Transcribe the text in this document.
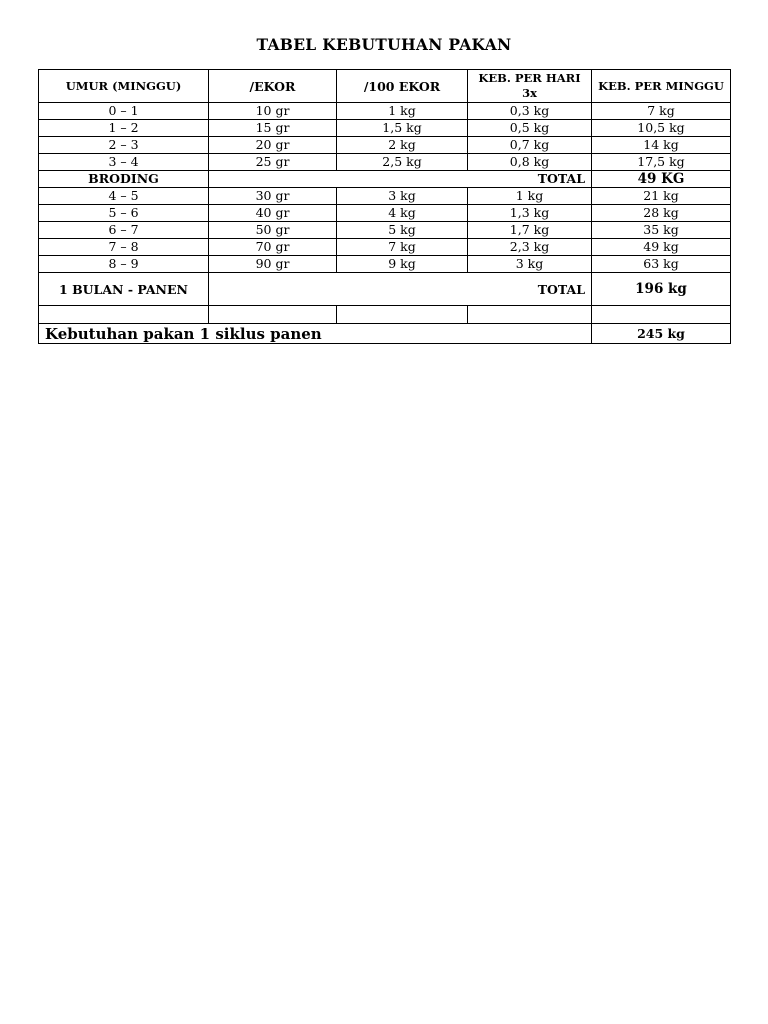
TABEL KEBUTUHAN PAKAN
UMUR (MINGGU)	/EKOR	/100 EKOR	KEB. PER HARI 3x	KEB. PER MINGGU
0 – 1	10 gr	1 kg	0,3 kg	7 kg
1 – 2	15 gr	1,5 kg	0,5 kg	10,5 kg
2 – 3	20 gr	2 kg	0,7 kg	14 kg
3 – 4	25 gr	2,5 kg	0,8 kg	17,5 kg
BRODING	TOTAL			49 KG
4 – 5	30 gr	3 kg	1 kg	21 kg
5 – 6	40 gr	4 kg	1,3 kg	28 kg
6 – 7	50 gr	5 kg	1,7 kg	35 kg
7 – 8	70 gr	7 kg	2,3 kg	49 kg
8 – 9	90 gr	9 kg	3 kg	63 kg
1 BULAN - PANEN	TOTAL			196 kg

Kebutuhan pakan 1 siklus panen				245 kg
